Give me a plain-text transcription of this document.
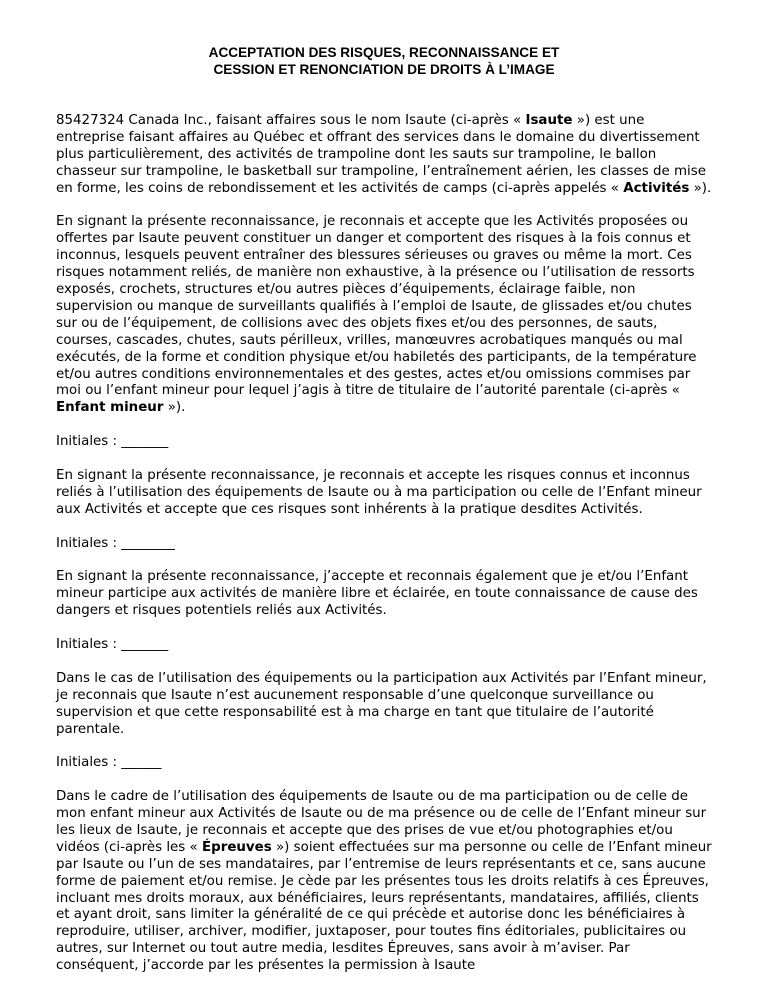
ACCEPTATION DES RISQUES, RECONNAISSANCE ET
CESSION ET RENONCIATION DE DROITS À L’IMAGE

85427324 Canada Inc., faisant affaires sous le nom Isaute (ci-après « Isaute ») est une entreprise faisant affaires au Québec et offrant des services dans le domaine du divertissement plus particulièrement, des activités de trampoline dont les sauts sur trampoline, le ballon chasseur sur trampoline, le basketball sur trampoline, l’entraînement aérien, les classes de mise en forme, les coins de rebondissement et les activités de camps (ci-après appelés « Activités »).

En signant la présente reconnaissance, je reconnais et accepte que les Activités proposées ou offertes par Isaute peuvent constituer un danger et comportent des risques à la fois connus et inconnus, lesquels peuvent entraîner des blessures sérieuses ou graves ou même la mort. Ces risques notamment reliés, de manière non exhaustive, à la présence ou l’utilisation de ressorts exposés, crochets, structures et/ou autres pièces d’équipements, éclairage faible, non supervision ou manque de surveillants qualifiés à l’emploi de Isaute, de glissades et/ou chutes sur ou de l’équipement, de collisions avec des objets fixes et/ou des personnes, de sauts, courses, cascades, chutes, sauts périlleux, vrilles, manœuvres acrobatiques manqués ou mal exécutés, de la forme et condition physique et/ou habiletés des participants, de la température et/ou autres conditions environnementales et des gestes, actes et/ou omissions commises par moi ou l’enfant mineur pour lequel j’agis à titre de titulaire de l’autorité parentale (ci-après « Enfant mineur »).

Initiales : _______

En signant la présente reconnaissance, je reconnais et accepte les risques connus et inconnus reliés à l’utilisation des équipements de Isaute ou à ma participation ou celle de l’Enfant mineur aux Activités et accepte que ces risques sont inhérents à la pratique desdites Activités.

Initiales : ________

En signant la présente reconnaissance, j’accepte et reconnais également que je et/ou l’Enfant mineur participe aux activités de manière libre et éclairée, en toute connaissance de cause des dangers et risques potentiels reliés aux Activités.

Initiales : _______

Dans le cas de l’utilisation des équipements ou la participation aux Activités par l’Enfant mineur, je reconnais que Isaute n’est aucunement responsable d’une quelconque surveillance ou supervision et que cette responsabilité est à ma charge en tant que titulaire de l’autorité parentale.

Initiales : ______

Dans le cadre de l’utilisation des équipements de Isaute ou de ma participation ou de celle de mon enfant mineur aux Activités de Isaute ou de ma présence ou de celle de l’Enfant mineur sur les lieux de Isaute, je reconnais et accepte que des prises de vue et/ou photographies et/ou vidéos (ci-après les « Épreuves ») soient effectuées sur ma personne ou celle de l’Enfant mineur par Isaute ou l’un de ses mandataires, par l’entremise de leurs représentants et ce, sans aucune forme de paiement et/ou remise. Je cède par les présentes tous les droits relatifs à ces Épreuves, incluant mes droits moraux, aux bénéficiaires, leurs représentants, mandataires, affiliés, clients et ayant droit, sans limiter la généralité de ce qui précède et autorise donc les bénéficiaires à reproduire, utiliser, archiver, modifier, juxtaposer, pour toutes fins éditoriales, publicitaires ou autres, sur Internet ou tout autre media, lesdites Épreuves, sans avoir à m’aviser. Par conséquent, j’accorde par les présentes la permission à Isaute
